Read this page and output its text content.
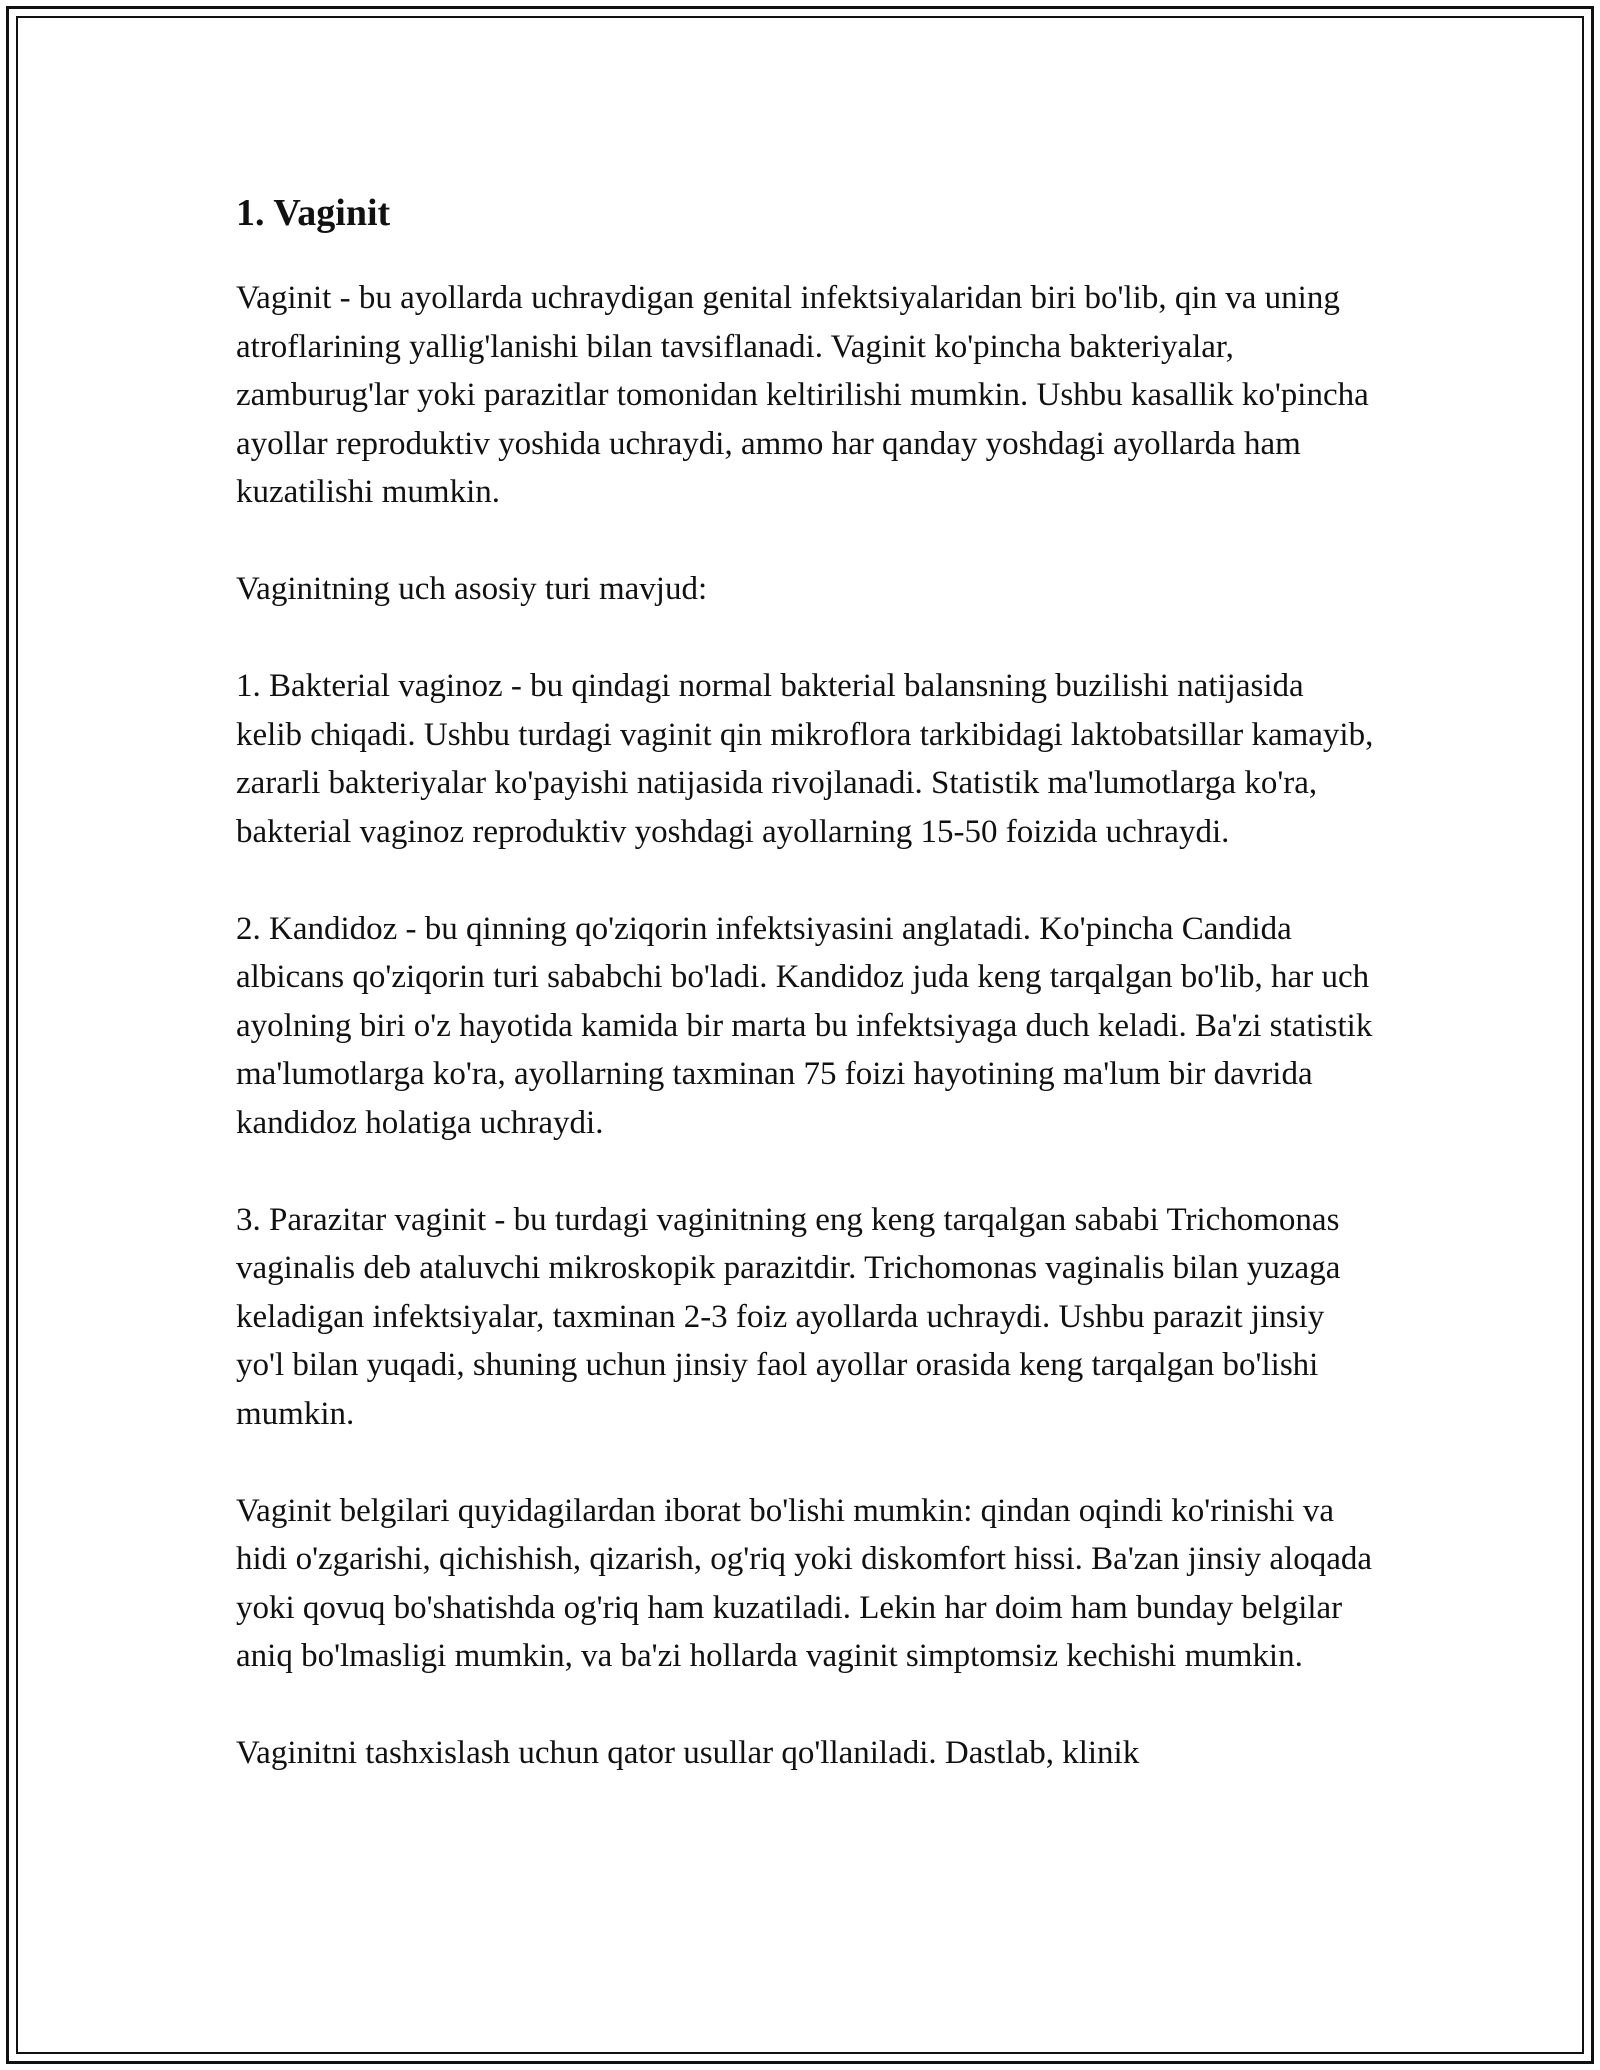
1. Vaginit

Vaginit - bu ayollarda uchraydigan genital infektsiyalaridan biri bo'lib, qin va uning atroflarining yallig'lanishi bilan tavsiflanadi. Vaginit ko'pincha bakteriyalar, zamburug'lar yoki parazitlar tomonidan keltirilishi mumkin. Ushbu kasallik ko'pincha ayollar reproduktiv yoshida uchraydi, ammo har qanday yoshdagi ayollarda ham kuzatilishi mumkin.

Vaginitning uch asosiy turi mavjud:

1. Bakterial vaginoz - bu qindagi normal bakterial balansning buzilishi natijasida kelib chiqadi. Ushbu turdagi vaginit qin mikroflora tarkibidagi laktobatsillar kamayib, zararli bakteriyalar ko'payishi natijasida rivojlanadi. Statistik ma'lumotlarga ko'ra, bakterial vaginoz reproduktiv yoshdagi ayollarning 15-50 foizida uchraydi.

2. Kandidoz - bu qinning qo'ziqorin infektsiyasini anglatadi. Ko'pincha Candida albicans qo'ziqorin turi sababchi bo'ladi. Kandidoz juda keng tarqalgan bo'lib, har uch ayolning biri o'z hayotida kamida bir marta bu infektsiyaga duch keladi. Ba'zi statistik ma'lumotlarga ko'ra, ayollarning taxminan 75 foizi hayotining ma'lum bir davrida kandidoz holatiga uchraydi.

3. Parazitar vaginit - bu turdagi vaginitning eng keng tarqalgan sababi Trichomonas vaginalis deb ataluvchi mikroskopik parazitdir. Trichomonas vaginalis bilan yuzaga keladigan infektsiyalar, taxminan 2-3 foiz ayollarda uchraydi. Ushbu parazit jinsiy yo'l bilan yuqadi, shuning uchun jinsiy faol ayollar orasida keng tarqalgan bo'lishi mumkin.

Vaginit belgilari quyidagilardan iborat bo'lishi mumkin: qindan oqindi ko'rinishi va hidi o'zgarishi, qichishish, qizarish, og'riq yoki diskomfort hissi. Ba'zan jinsiy aloqada yoki qovuq bo'shatishda og'riq ham kuzatiladi. Lekin har doim ham bunday belgilar aniq bo'lmasligi mumkin, va ba'zi hollarda vaginit simptomsiz kechishi mumkin.

Vaginitni tashxislash uchun qator usullar qo'llaniladi. Dastlab, klinik
